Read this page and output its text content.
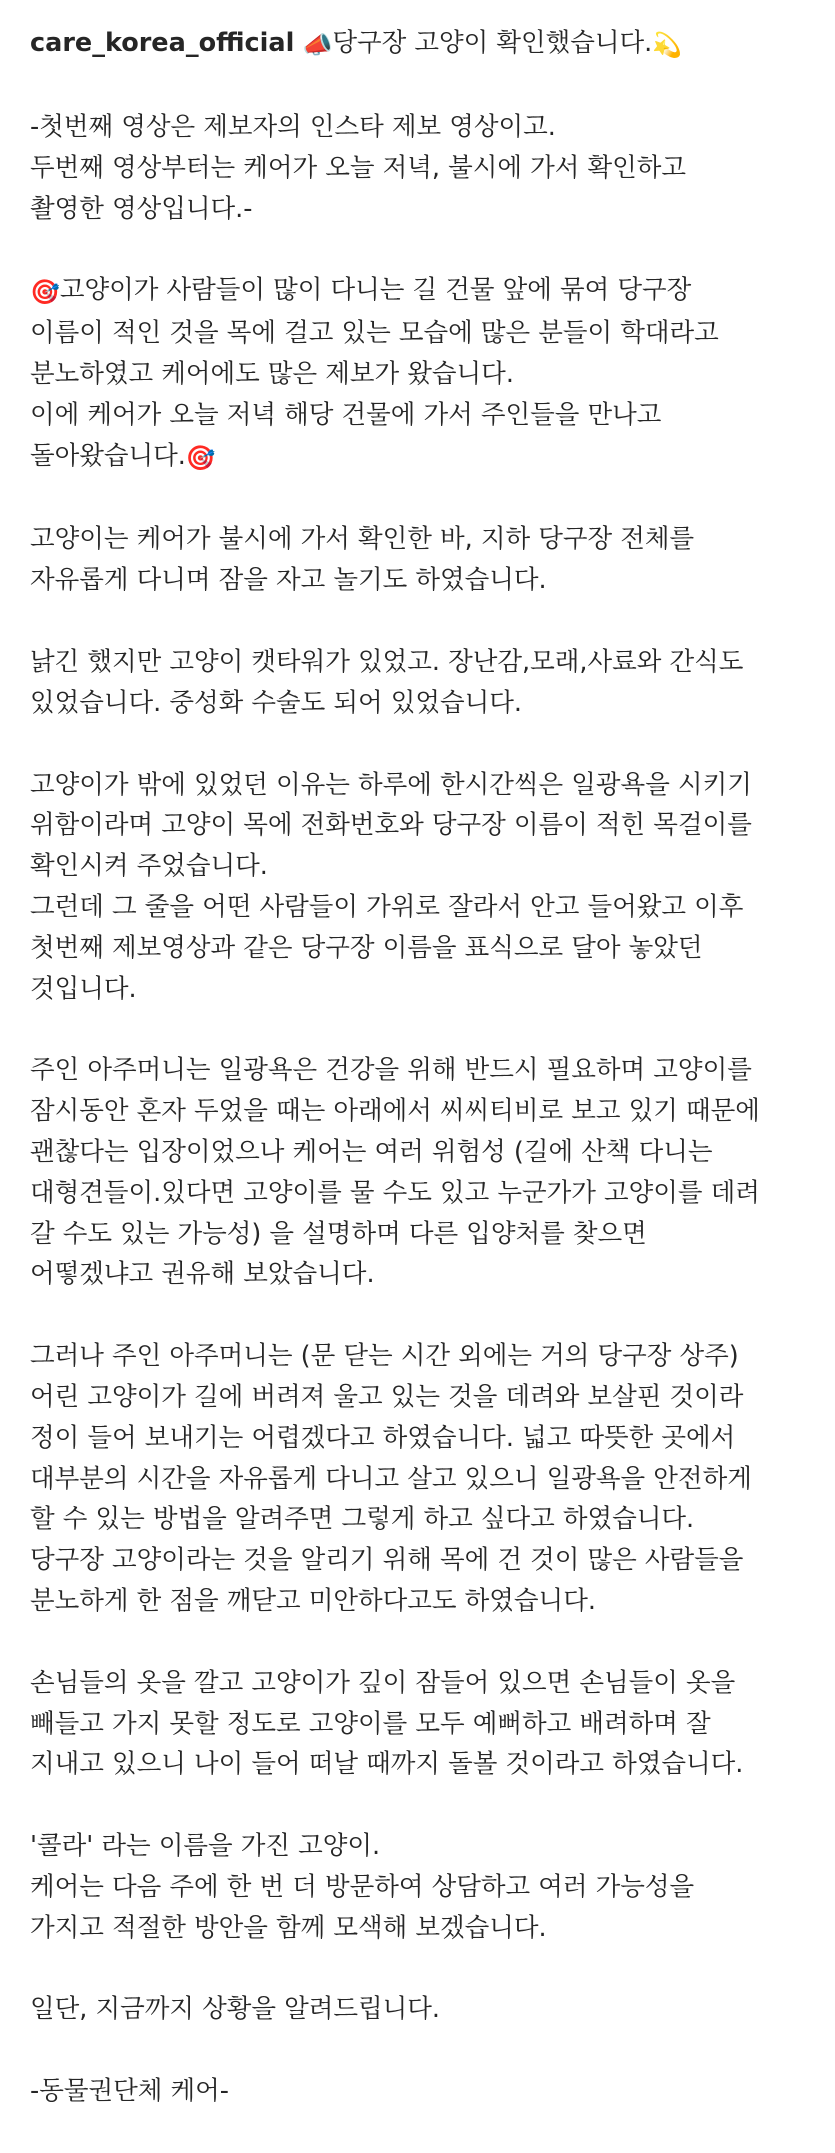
care_korea_official 📣당구장 고양이 확인했습니다.💫
-첫번째 영상은 제보자의 인스타 제보 영상이고.
두번째 영상부터는 케어가 오늘 저녁, 불시에 가서 확인하고
촬영한 영상입니다.-
🎯고양이가 사람들이 많이 다니는 길 건물 앞에 묶여 당구장
이름이 적인 것을 목에 걸고 있는 모습에 많은 분들이 학대라고
분노하였고 케어에도 많은 제보가 왔습니다.
이에 케어가 오늘 저녁 해당 건물에 가서 주인들을 만나고
돌아왔습니다.🎯
고양이는 케어가 불시에 가서 확인한 바, 지하 당구장 전체를
자유롭게 다니며 잠을 자고 놀기도 하였습니다.
낡긴 했지만 고양이 캣타워가 있었고. 장난감,모래,사료와 간식도
있었습니다. 중성화 수술도 되어 있었습니다.
고양이가 밖에 있었던 이유는 하루에 한시간씩은 일광욕을 시키기
위함이라며 고양이 목에 전화번호와 당구장 이름이 적힌 목걸이를
확인시켜 주었습니다.
그런데 그 줄을 어떤 사람들이 가위로 잘라서 안고 들어왔고 이후
첫번째 제보영상과 같은 당구장 이름을 표식으로 달아 놓았던
것입니다.
주인 아주머니는 일광욕은 건강을 위해 반드시 필요하며 고양이를
잠시동안 혼자 두었을 때는 아래에서 씨씨티비로 보고 있기 때문에
괜찮다는 입장이었으나 케어는 여러 위험성 (길에 산책 다니는
대형견들이.있다면 고양이를 물 수도 있고 누군가가 고양이를 데려
갈 수도 있는 가능성) 을 설명하며 다른 입양처를 찾으면
어떻겠냐고 권유해 보았습니다.
그러나 주인 아주머니는 (문 닫는 시간 외에는 거의 당구장 상주)
어린 고양이가 길에 버려져 울고 있는 것을 데려와 보살핀 것이라
정이 들어 보내기는 어렵겠다고 하였습니다. 넓고 따뜻한 곳에서
대부분의 시간을 자유롭게 다니고 살고 있으니 일광욕을 안전하게
할 수 있는 방법을 알려주면 그렇게 하고 싶다고 하였습니다.
당구장 고양이라는 것을 알리기 위해 목에 건 것이 많은 사람들을
분노하게 한 점을 깨닫고 미안하다고도 하였습니다.
손님들의 옷을 깔고 고양이가 깊이 잠들어 있으면 손님들이 옷을
빼들고 가지 못할 정도로 고양이를 모두 예뻐하고 배려하며 잘
지내고 있으니 나이 들어 떠날 때까지 돌볼 것이라고 하였습니다.
'콜라' 라는 이름을 가진 고양이.
케어는 다음 주에 한 번 더 방문하여 상담하고 여러 가능성을
가지고 적절한 방안을 함께 모색해 보겠습니다.
일단, 지금까지 상황을 알려드립니다.
-동물권단체 케어-
